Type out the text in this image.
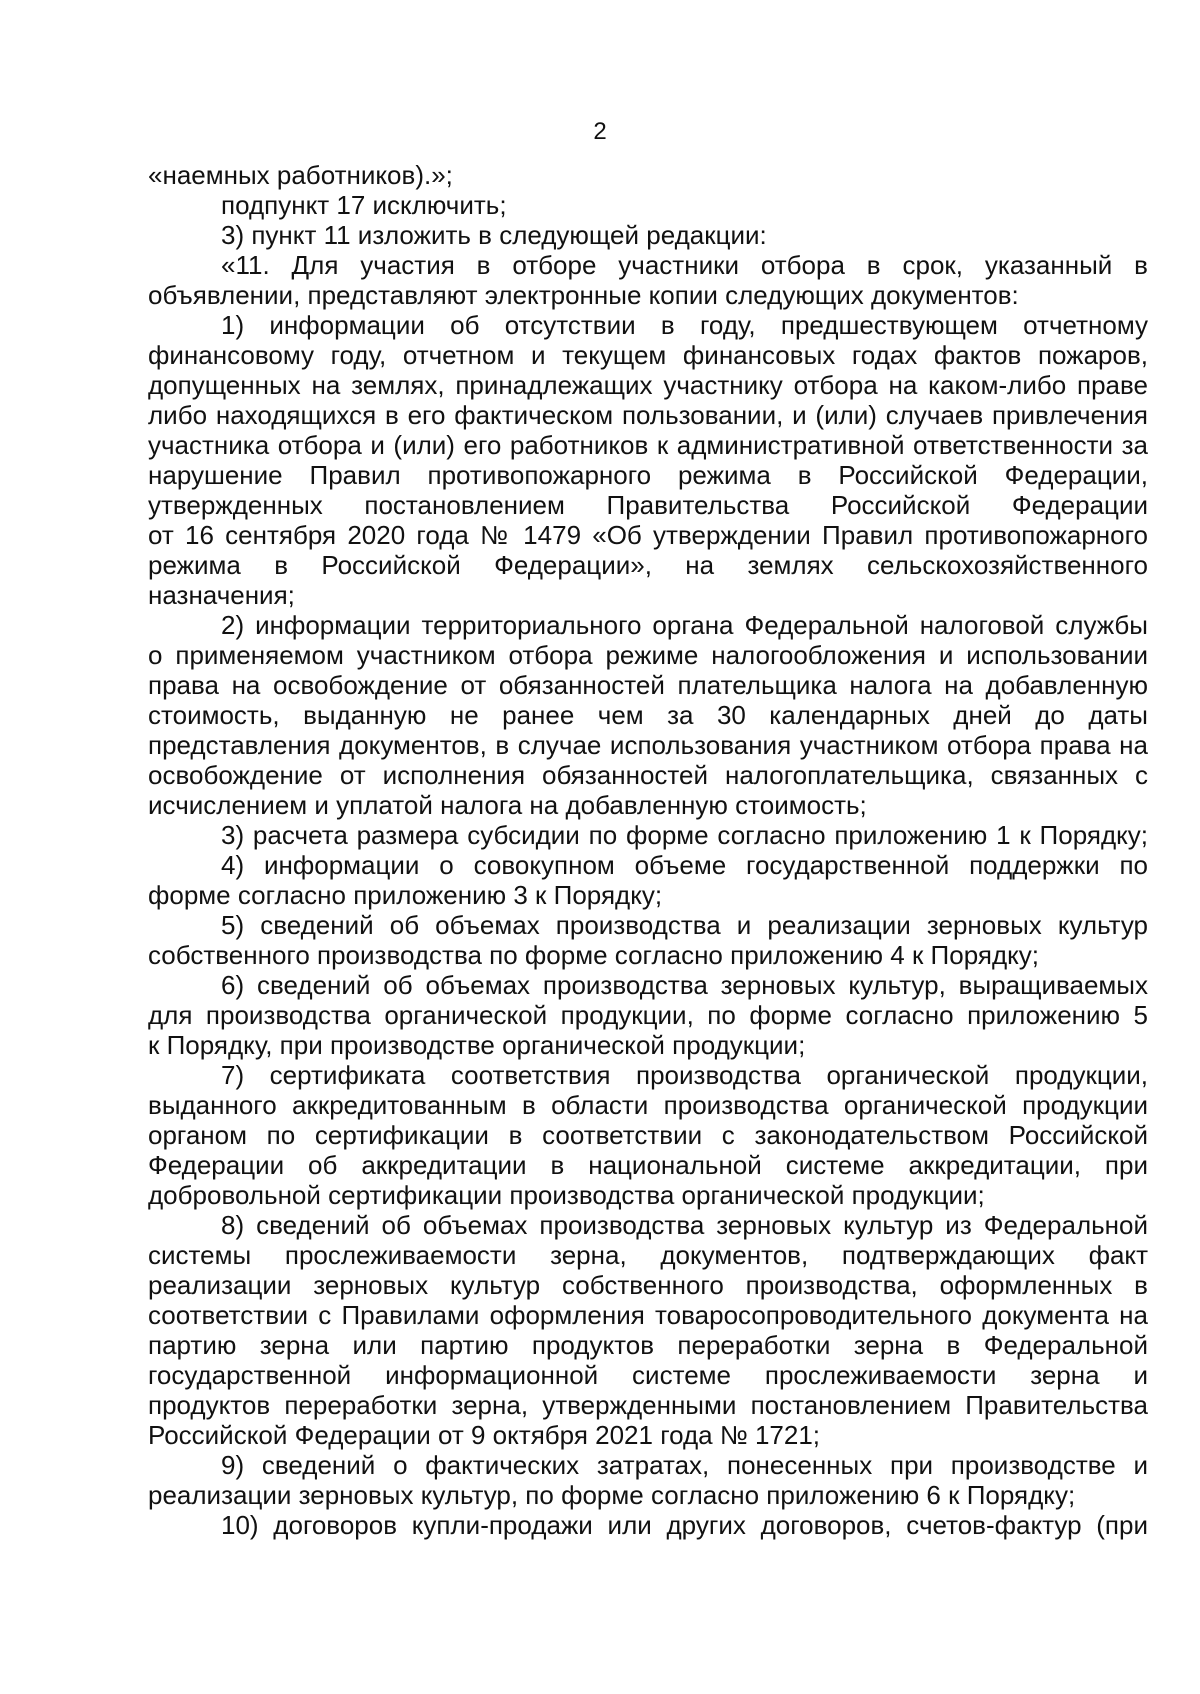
2
«наемных работников).»;
подпункт 17 исключить;
3) пункт 11 изложить в следующей редакции:
«11. Для участия в отборе участники отбора в срок, указанный в
объявлении, представляют электронные копии следующих документов:
1) информации об отсутствии в году, предшествующем отчетному
финансовому году, отчетном и текущем финансовых годах фактов пожаров,
допущенных на землях, принадлежащих участнику отбора на каком-либо праве
либо находящихся в его фактическом пользовании, и (или) случаев привлечения
участника отбора и (или) его работников к административной ответственности за
нарушение Правил противопожарного режима в Российской Федерации,
утвержденных постановлением Правительства Российской Федерации
от 16 сентября 2020 года № 1479 «Об утверждении Правил противопожарного
режима в Российской Федерации», на землях сельскохозяйственного
назначения;
2) информации территориального органа Федеральной налоговой службы
о применяемом участником отбора режиме налогообложения и использовании
права на освобождение от обязанностей плательщика налога на добавленную
стоимость, выданную не ранее чем за 30 календарных дней до даты
представления документов, в случае использования участником отбора права на
освобождение от исполнения обязанностей налогоплательщика, связанных с
исчислением и уплатой налога на добавленную стоимость;
3) расчета размера субсидии по форме согласно приложению 1 к Порядку;
4) информации о совокупном объеме государственной поддержки по
форме согласно приложению 3 к Порядку;
5) сведений об объемах производства и реализации зерновых культур
собственного производства по форме согласно приложению 4 к Порядку;
6) сведений об объемах производства зерновых культур, выращиваемых
для производства органической продукции, по форме согласно приложению 5
к Порядку, при производстве органической продукции;
7) сертификата соответствия производства органической продукции,
выданного аккредитованным в области производства органической продукции
органом по сертификации в соответствии с законодательством Российской
Федерации об аккредитации в национальной системе аккредитации, при
добровольной сертификации производства органической продукции;
8) сведений об объемах производства зерновых культур из Федеральной
системы прослеживаемости зерна, документов, подтверждающих факт
реализации зерновых культур собственного производства, оформленных в
соответствии с Правилами оформления товаросопроводительного документа на
партию зерна или партию продуктов переработки зерна в Федеральной
государственной информационной системе прослеживаемости зерна и
продуктов переработки зерна, утвержденными постановлением Правительства
Российской Федерации от 9 октября 2021 года № 1721;
9) сведений о фактических затратах, понесенных при производстве и
реализации зерновых культур, по форме согласно приложению 6 к Порядку;
10) договоров купли-продажи или других договоров, счетов-фактур (при
